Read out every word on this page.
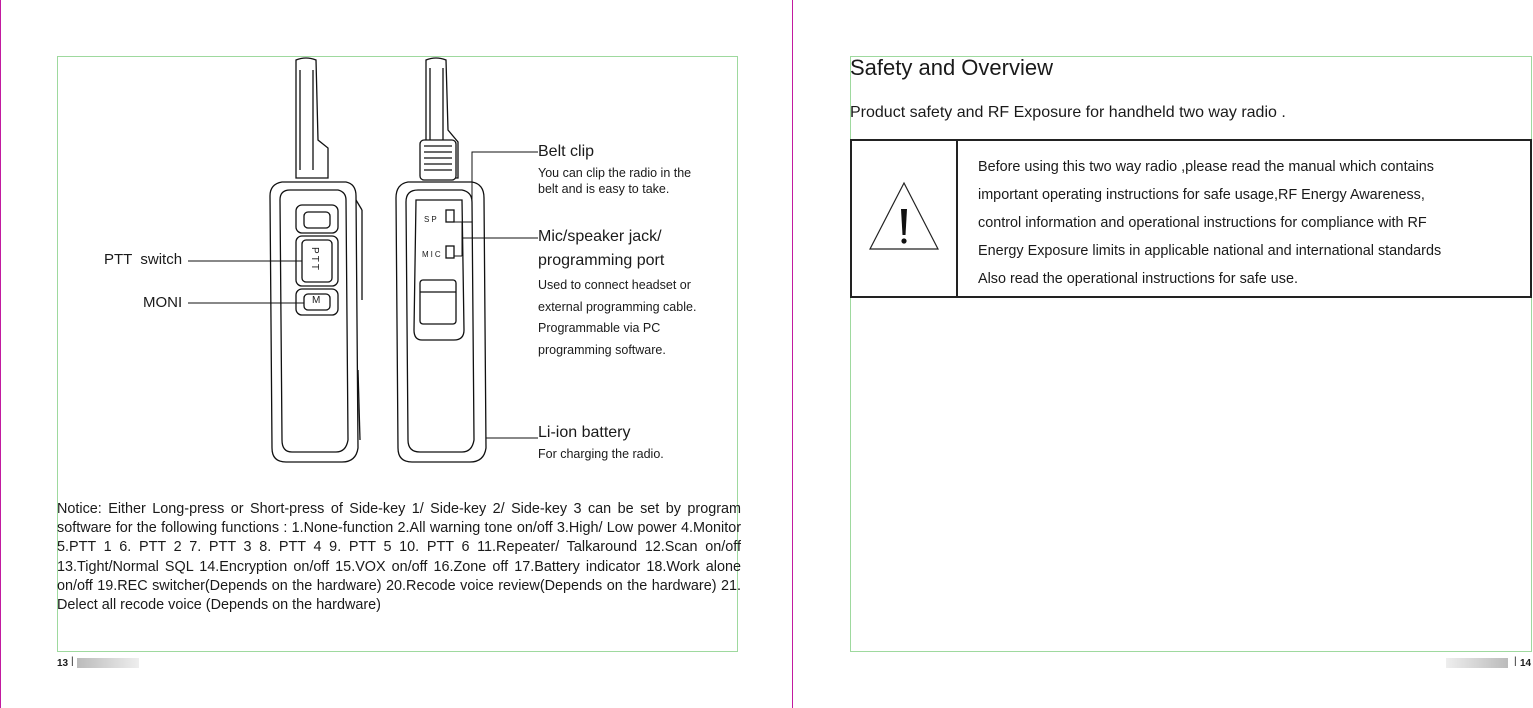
PTT
M
SP
MIC
PTT  switch
MONI
Belt clip
You can clip the radio in the
belt and is easy to take.
Mic/speaker jack/
programming port
Used to connect headset or
external programming cable.
Programmable via PC
programming software.
Li-ion battery
For charging the radio.
Notice: Either Long-press or Short-press of Side-key 1/ Side-key 2/ Side-key 3 can be set by program software for the following functions : 1.None-function 2.All warning tone on/off 3.High/ Low power 4.Monitor 5.PTT 1 6. PTT 2 7. PTT 3 8. PTT 4 9. PTT 5 10. PTT 6 11.Repeater/ Talkaround 12.Scan on/off 13.Tight/Normal SQL 14.Encryption on/off 15.VOX on/off 16.Zone off 17.Battery indicator 18.Work alone on/off 19.REC switcher(Depends on the hardware) 20.Recode voice review(Depends on the hardware) 21. Delect all recode voice (Depends on the hardware)
13 |
Safety and Overview
Product safety and RF Exposure for handheld two way radio .

Before using this two way radio ,please read the manual which contains
important operating instructions for safe usage,RF Energy Awareness,
control information and operational instructions for compliance with RF
Energy Exposure limits in applicable national and international standards
Also read the operational instructions for safe use.
| 14
